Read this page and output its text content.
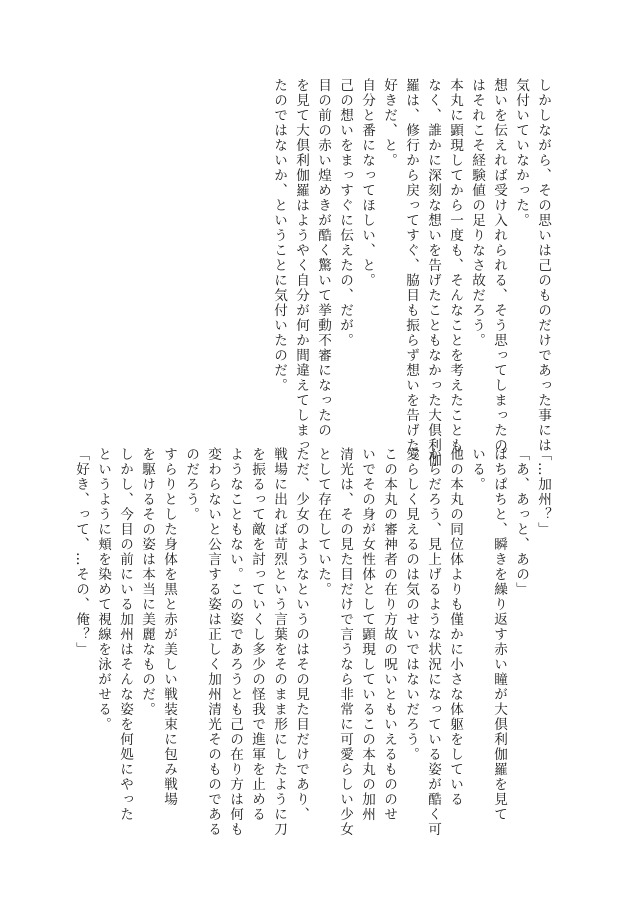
しかしながら、その思いは己のものだけであった事には
気付いていなかった。
想いを伝えれば受け入れられる、そう思ってしまったの
はそれこそ経験値の足りなさ故だろう。
本丸に顕現してから一度も、そんなことを考えたことも
なく、誰かに深刻な想いを告げたこともなかった大倶利伽
羅は、修行から戻ってすぐ、脇目も振らず想いを告げた。
好きだ、と。
自分と番になってほしい、と。
己の想いをまっすぐに伝えたの、だが。
目の前の赤い煌めきが酷く驚いて挙動不審になったの
を見て大倶利伽羅はようやく自分が何か間違えてしまっ
たのではないか、ということに気付いたのだ。
「…加州？」
「あ、あっと、あの」
ぱちぱちと、瞬きを繰り返す赤い瞳が大倶利伽羅を見て
いる。
他の本丸の同位体よりも僅かに小さな体躯をしている
からだろう、見上げるような状況になっている姿が酷く可
愛らしく見えるのは気のせいではないだろう。
この本丸の審神者の在り方故の呪いともいえるもののせ
いでその身が女性体として顕現しているこの本丸の加州
清光は、その見た目だけで言うなら非常に可愛らしい少女
として存在していた。
ただ、少女のようなというのはその見た目だけであり、
戦場に出れば苛烈という言葉をそのまま形にしたように刀
を振るって敵を討っていくし多少の怪我で進軍を止める
ようなこともない。この姿であろうとも己の在り方は何も
変わらないと公言する姿は正しく加州清光そのものである
のだろう。
すらりとした身体を黒と赤が美しい戦装束に包み戦場
を駆けるその姿は本当に美麗なものだ。
しかし、今目の前にいる加州はそんな姿を何処にやった
というように頬を染めて視線を泳がせる。
「好き、って、…その、俺？」
